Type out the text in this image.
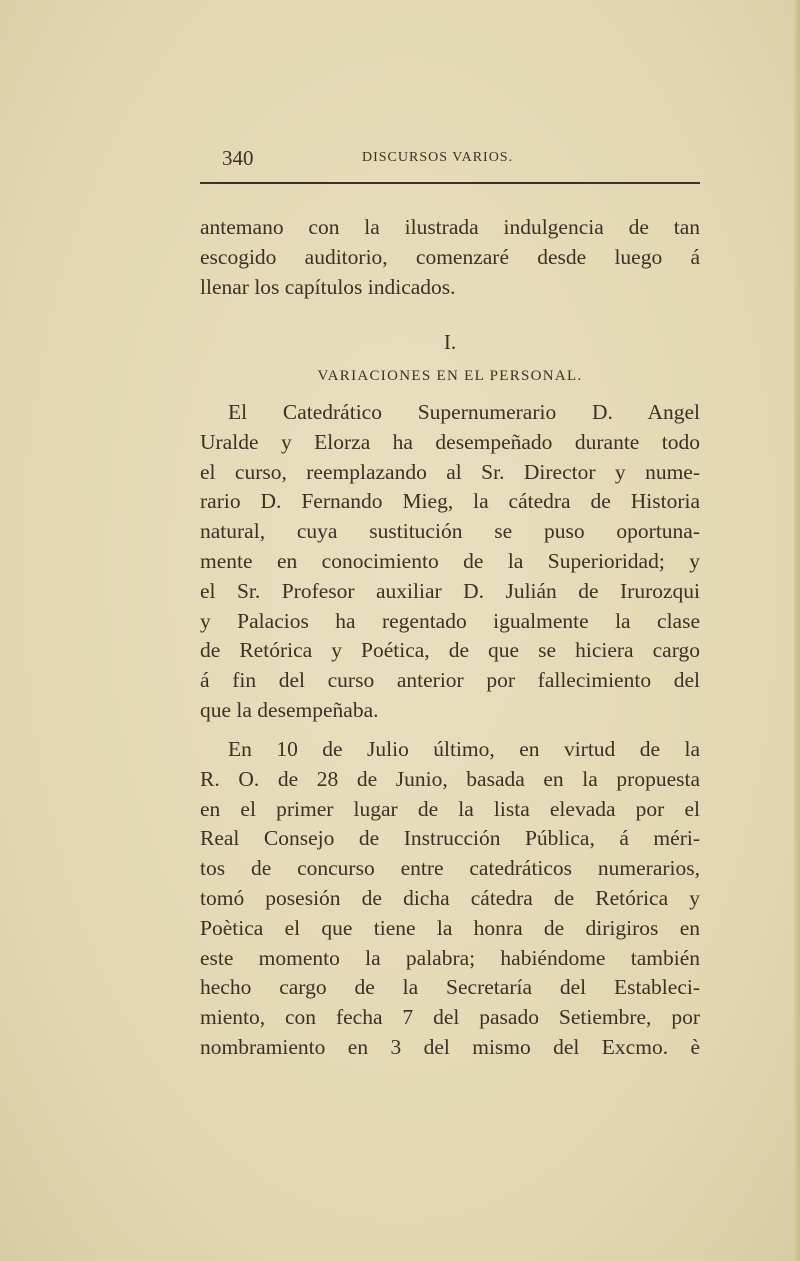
340	DISCURSOS VARIOS.
antemano con la ilustrada indulgencia de tan
escogido auditorio, comenzaré desde luego á
llenar los capítulos indicados.
I.
VARIACIONES EN EL PERSONAL.
El Catedrático Supernumerario D. Angel
Uralde y Elorza ha desempeñado durante todo
el curso, reemplazando al Sr. Director y nume-
rario D. Fernando Mieg, la cátedra de Historia
natural, cuya sustitución se puso oportuna-
mente en conocimiento de la Superioridad; y
el Sr. Profesor auxiliar D. Julián de Irurozqui
y Palacios ha regentado igualmente la clase
de Retórica y Poética, de que se hiciera cargo
á fin del curso anterior por fallecimiento del
que la desempeñaba.
En 10 de Julio último, en virtud de la
R. O. de 28 de Junio, basada en la propuesta
en el primer lugar de la lista elevada por el
Real Consejo de Instrucción Pública, á méri-
tos de concurso entre catedráticos numerarios,
tomó posesión de dicha cátedra de Retórica y
Poètica el que tiene la honra de dirigiros en
este momento la palabra; habiéndome también
hecho cargo de la Secretaría del Estableci-
miento, con fecha 7 del pasado Setiembre, por
nombramiento en 3 del mismo del Excmo. è
